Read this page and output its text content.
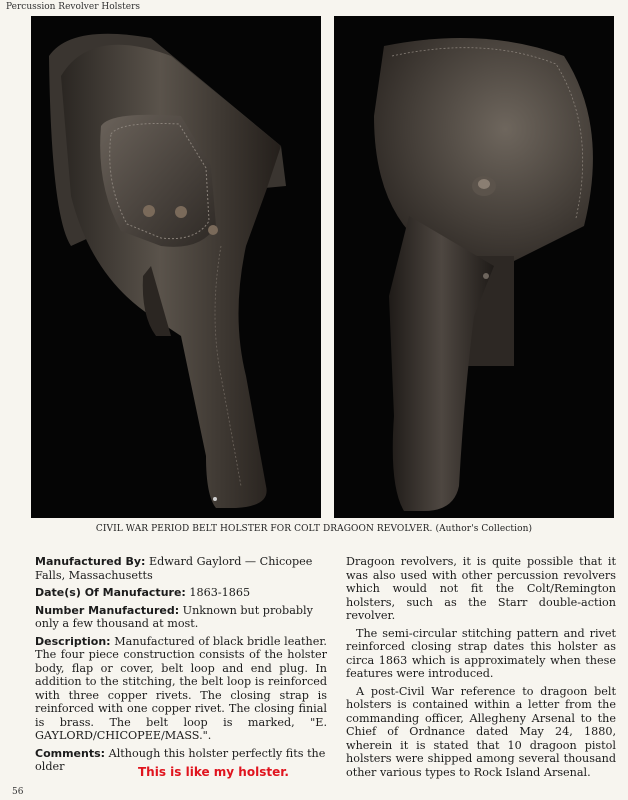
Percussion Revolver Holsters
CIVIL WAR PERIOD BELT HOLSTER FOR COLT DRAGOON REVOLVER. (Author's Collection)
Manufactured By: Edward Gaylord — Chicopee Falls, Massachusetts
Date(s) Of Manufacture: 1863-1865
Number Manufactured: Unknown but probably only a few thousand at most.
Description: Manufactured of black bridle leather. The four piece construction consists of the holster body, flap or cover, belt loop and end plug. In addition to the stitching, the belt loop is reinforced with three copper rivets. The closing strap is reinforced with one copper rivet. The closing finial is brass. The belt loop is marked, "E. GAYLORD/CHICOPEE/MASS.".
Comments: Although this holster perfectly fits the older

Dragoon revolvers, it is quite possible that it was also used with other percussion revolvers which would not fit the Colt/Remington holsters, such as the Starr double-action revolver.

The semi-circular stitching pattern and rivet reinforced closing strap dates this holster as circa 1863 which is approximately when these features were introduced.

A post-Civil War reference to dragoon belt holsters is contained within a letter from the commanding officer, Allegheny Arsenal to the Chief of Ordnance dated May 24, 1880, wherein it is stated that 10 dragoon pistol holsters were shipped among several thousand other various types to Rock Island Arsenal.

This is like my holster.
56
